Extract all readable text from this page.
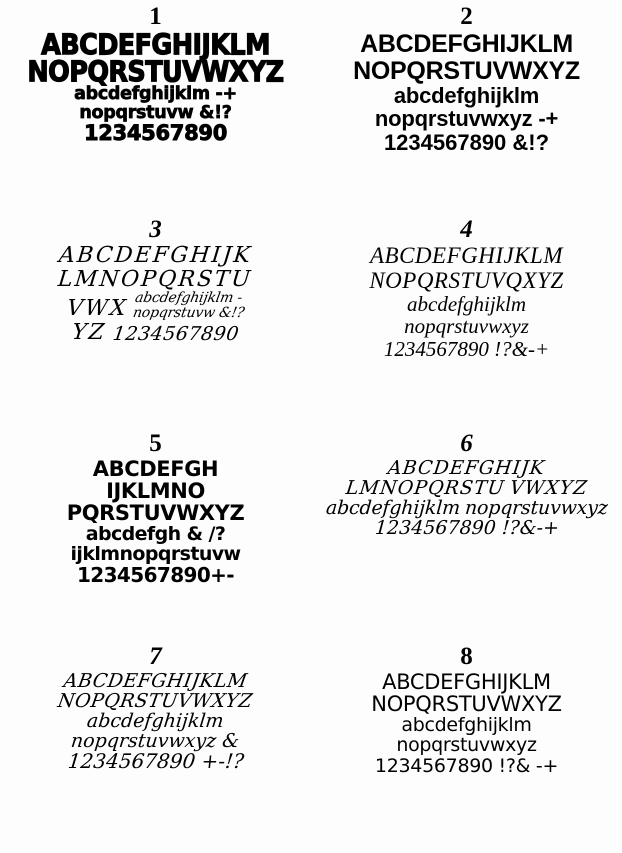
1
ABCDEFGHIJKLM
NOPQRSTUVWXYZ
abcdefghijklm -+
nopqrstuvw &!?
1234567890
2
ABCDEFGHIJKLM
NOPQRSTUVWXYZ
abcdefghijklm
nopqrstuvwxyz -+
1234567890 &!?
3
ABCDEFGHIJK LMNOPQRSTU
VWX abcdefghijklm -
nopqrstuvw &!?
YZ 1234567890
4
ABCDEFGHIJKLM
NOPQRSTUVQXYZ
abcdefghijklm
nopqrstuvwxyz
1234567890 !?&-+
5
ABCDEFGH
IJKLMNO
PQRSTUVWXYZ
abcdefgh & /?
ijklmnopqrstuvw
1234567890+-
6
ABCDEFGHIJK LMNOPQRSTU VWXYZ abcdefghijklm nopqrstuvwxyz 1234567890 !?&-+
7
ABCDEFGHIJKLM NOPQRSTUVWXYZ abcdefghijklm nopqrstuvwxyz & 1234567890 +-!?
8
ABCDEFGHIJKLM
NOPQRSTUVWXYZ
abcdefghijklm
nopqrstuvwxyz
1234567890 !?& -+
